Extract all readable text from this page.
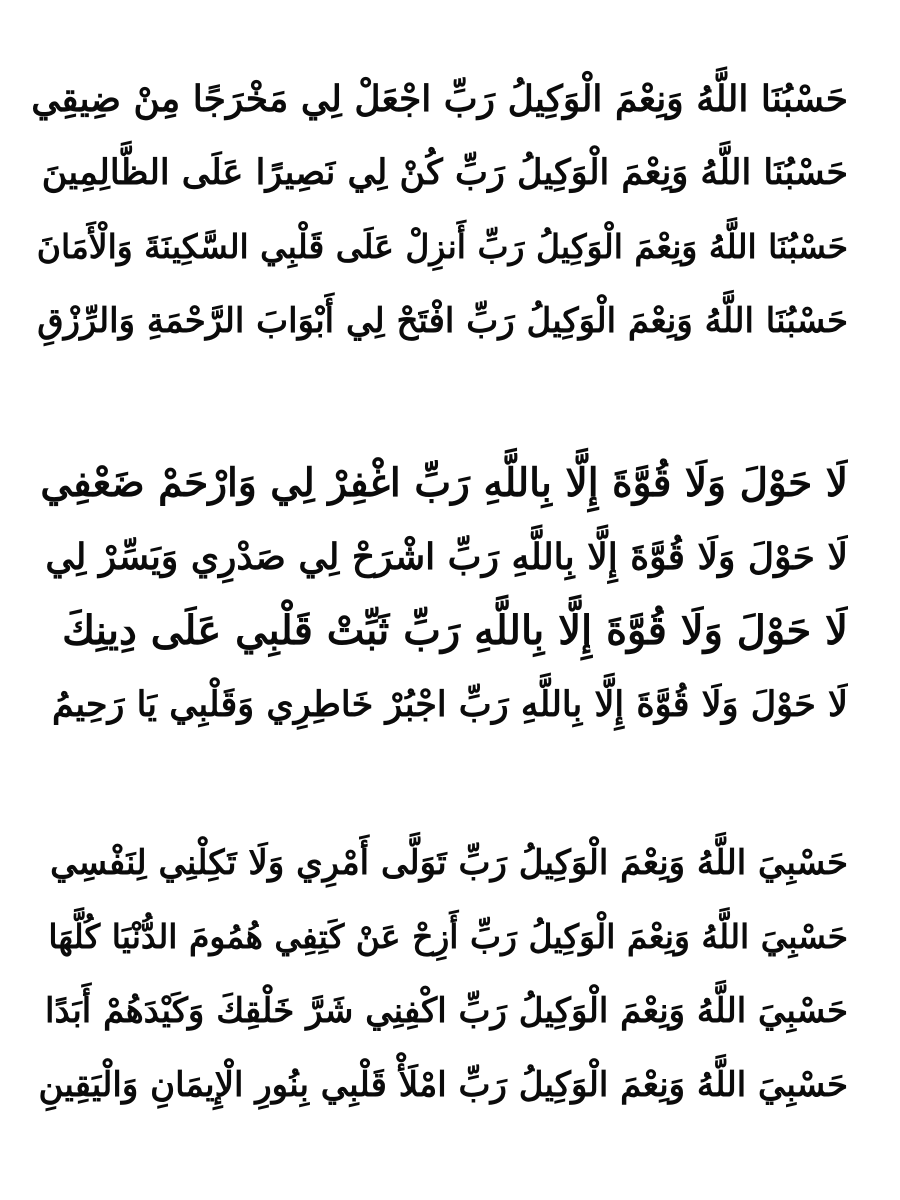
حَسْبُنَا اللَّهُ وَنِعْمَ الْوَكِيلُ رَبِّ اجْعَلْ لِي مَخْرَجًا مِنْ ضِيقِي
حَسْبُنَا اللَّهُ وَنِعْمَ الْوَكِيلُ رَبِّ كُنْ لِي نَصِيرًا عَلَى الظَّالِمِينَ
حَسْبُنَا اللَّهُ وَنِعْمَ الْوَكِيلُ رَبِّ أَنزِلْ عَلَى قَلْبِي السَّكِينَةَ وَالْأَمَانَ
حَسْبُنَا اللَّهُ وَنِعْمَ الْوَكِيلُ رَبِّ افْتَحْ لِي أَبْوَابَ الرَّحْمَةِ وَالرِّزْقِ
لَا حَوْلَ وَلَا قُوَّةَ إِلَّا بِاللَّهِ رَبِّ اغْفِرْ لِي وَارْحَمْ ضَعْفِي
لَا حَوْلَ وَلَا قُوَّةَ إِلَّا بِاللَّهِ رَبِّ اشْرَحْ لِي صَدْرِي وَيَسِّرْ لِي
لَا حَوْلَ وَلَا قُوَّةَ إِلَّا بِاللَّهِ رَبِّ ثَبِّتْ قَلْبِي عَلَى دِينِكَ
لَا حَوْلَ وَلَا قُوَّةَ إِلَّا بِاللَّهِ رَبِّ اجْبُرْ خَاطِرِي وَقَلْبِي يَا رَحِيمُ
حَسْبِيَ اللَّهُ وَنِعْمَ الْوَكِيلُ رَبِّ تَوَلَّى أَمْرِي وَلَا تَكِلْنِي لِنَفْسِي
حَسْبِيَ اللَّهُ وَنِعْمَ الْوَكِيلُ رَبِّ أَزِحْ عَنْ كَتِفِي هُمُومَ الدُّنْيَا كُلَّهَا
حَسْبِيَ اللَّهُ وَنِعْمَ الْوَكِيلُ رَبِّ اكْفِنِي شَرَّ خَلْقِكَ وَكَيْدَهُمْ أَبَدًا
حَسْبِيَ اللَّهُ وَنِعْمَ الْوَكِيلُ رَبِّ امْلَأْ قَلْبِي بِنُورِ الْإِيمَانِ وَالْيَقِينِ
